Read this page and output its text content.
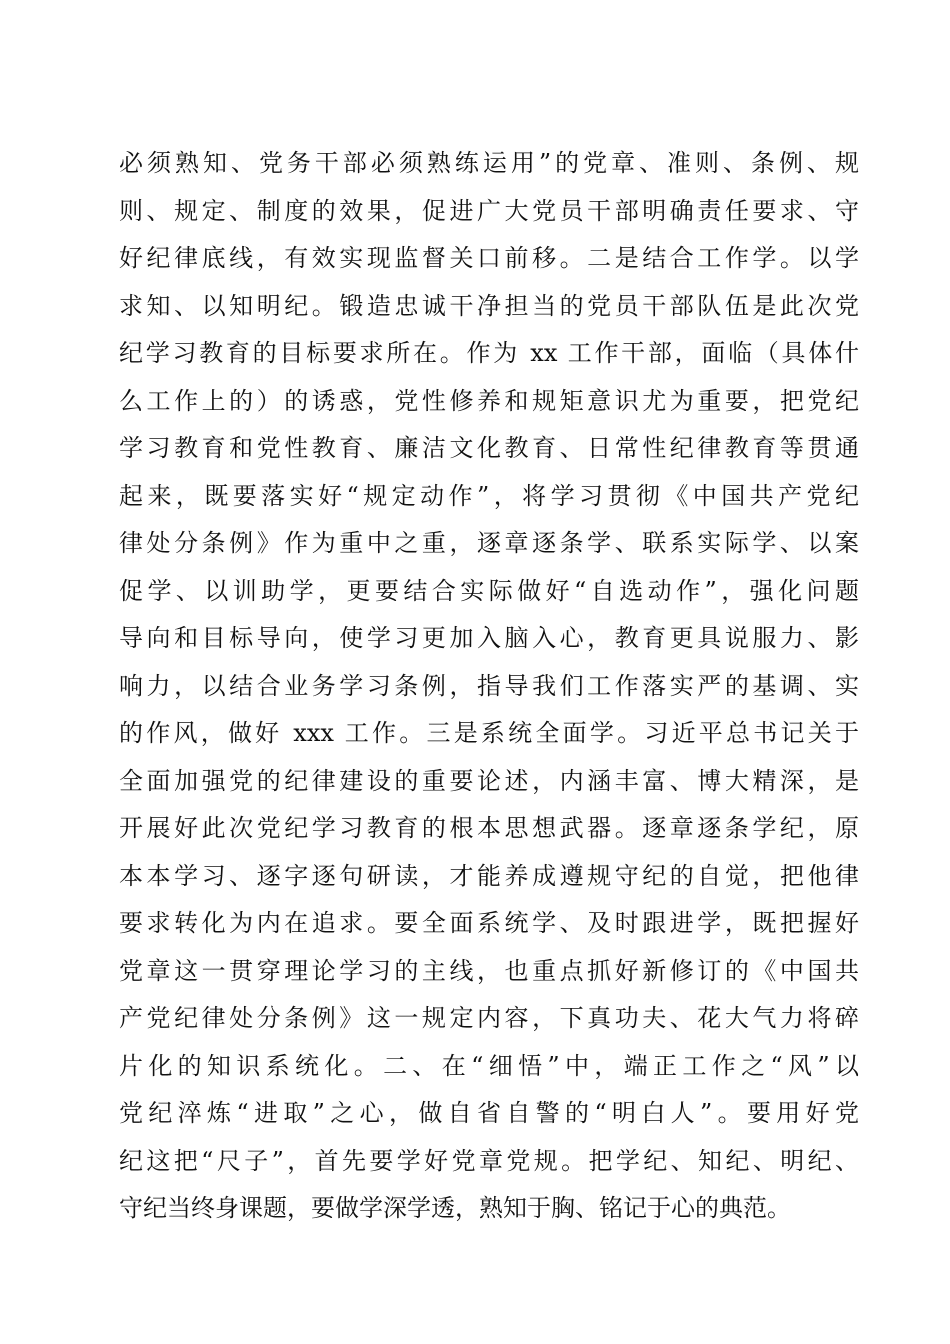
必须熟知、党务干部必须熟练运用”的党章、准则、条例、规
则、规定、制度的效果，促进广大党员干部明确责任要求、守
好纪律底线，有效实现监督关口前移。二是结合工作学。以学
求知、以知明纪。锻造忠诚干净担当的党员干部队伍是此次党
纪学习教育的目标要求所在。作为 xx 工作干部，面临（具体什
么工作上的）的诱惑，党性修养和规矩意识尤为重要，把党纪
学习教育和党性教育、廉洁文化教育、日常性纪律教育等贯通
起来，既要落实好“规定动作”，将学习贯彻《中国共产党纪
律处分条例》作为重中之重，逐章逐条学、联系实际学、以案
促学、以训助学，更要结合实际做好“自选动作”，强化问题
导向和目标导向，使学习更加入脑入心，教育更具说服力、影
响力，以结合业务学习条例，指导我们工作落实严的基调、实
的作风，做好 xxx 工作。三是系统全面学。习近平总书记关于
全面加强党的纪律建设的重要论述，内涵丰富、博大精深，是
开展好此次党纪学习教育的根本思想武器。逐章逐条学纪，原
本本学习、逐字逐句研读，才能养成遵规守纪的自觉，把他律
要求转化为内在追求。要全面系统学、及时跟进学，既把握好
党章这一贯穿理论学习的主线，也重点抓好新修订的《中国共
产党纪律处分条例》这一规定内容，下真功夫、花大气力将碎
片化的知识系统化。二、在“细悟”中，端正工作之“风”以
党纪淬炼“进取”之心，做自省自警的“明白人”。要用好党
纪这把“尺子”，首先要学好党章党规。把学纪、知纪、明纪、
守纪当终身课题，要做学深学透，熟知于胸、铭记于心的典范。
